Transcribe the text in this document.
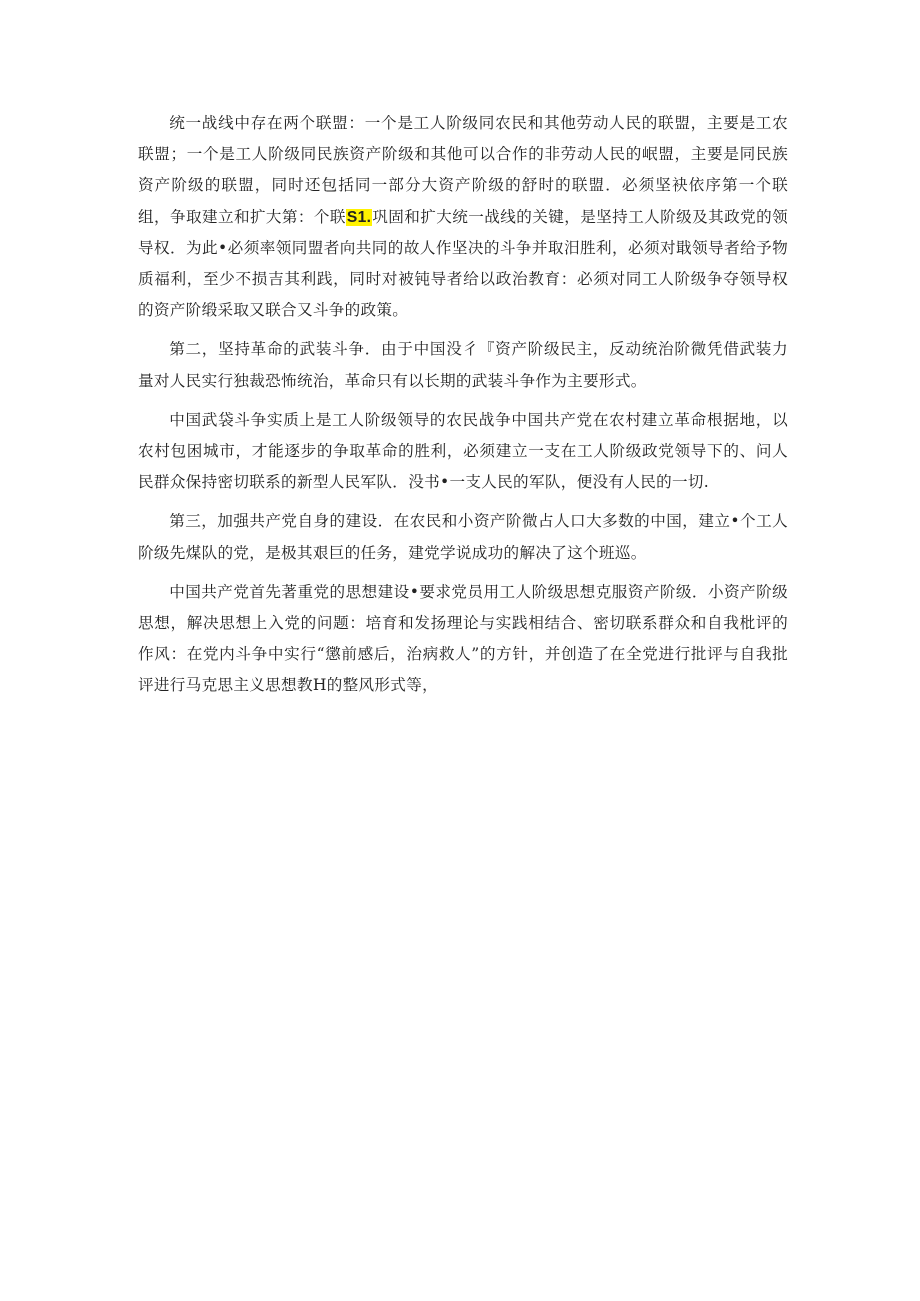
统一战线中存在两个联盟：一个是工人阶级同农民和其他劳动人民的联盟，主要是工农联盟；一个是工人阶级同民族资产阶级和其他可以合作的非劳动人民的岷盟，主要是同民族资产阶级的联盟，同时还包括同一部分大资产阶级的舒时的联盟．必须坚袂依序第一个联组，争取建立和扩大第：个联S1.巩固和扩大统一战线的关键，是坚持工人阶级及其政党的领导权．为此•必须率领同盟者向共同的故人作坚决的斗争并取汨胜利，必须对戢领导者给予物质福利，至少不损吉其利践，同时对被钝导者给以政治教育：必须对同工人阶级争夺领导权的资产阶缎采取又联合又斗争的政策。

第二，坚持革命的武装斗争．由于中国没彳『资产阶级民主，反动统治阶微凭借武装力量对人民实行独裁恐怖统治，革命只有以长期的武装斗争作为主要形式。

中国武袋斗争实质上是工人阶级领导的农民战争中国共产党在农村建立革命根据地，以农村包困城市，才能逐步的争取革命的胜利，必须建立一支在工人阶级政党领导下的、问人民群众保持密切联系的新型人民军队．没书•一支人民的军队，便没有人民的一切.

第三，加强共产党自身的建设．在农民和小资产阶微占人口大多数的中国，建立•个工人阶级先煤队的党，是极其艰巨的任务，建党学说成功的解决了这个班巡。

中国共产党首先著重党的思想建设•要求党员用工人阶级思想克服资产阶级．小资产阶级思想，解决思想上入党的问题：培育和发扬理论与实践相结合、密切联系群众和自我枇评的作风：在党内斗争中实行“懲前感后，治病救人”的方针，并创造了在全党进行批评与自我批评进行马克思主义思想教H的整风形式等，
